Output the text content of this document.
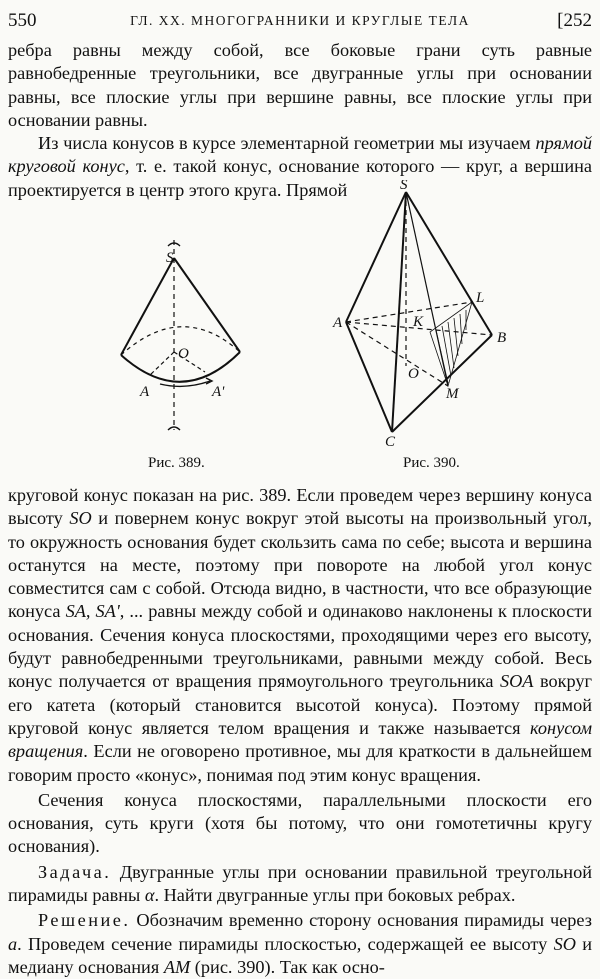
550	ГЛ. XX. МНОГОГРАННИКИ И КРУГЛЫЕ ТЕЛА	[252

ребра равны между собой, все боковые грани суть равные равнобедренные треугольники, все двугранные углы при основании равны, все плоские углы при вершине равны, все плоские углы при основании равны.

Из числа конусов в курсе элементарной геометрии мы изучаем прямой круговой конус, т. е. такой конус, основание которого — круг, а вершина проектируется в центр этого круга. Прямой

S
O
A	A'
Рис. 389.
S
A
B
C
K
L
O
M
Рис. 390.

круговой конус показан на рис. 389. Если проведем через вершину конуса высоту SO и повернем конус вокруг этой высоты на произвольный угол, то окружность основания будет скользить сама по себе; высота и вершина останутся на месте, поэтому при повороте на любой угол конус совместится сам с собой. Отсюда видно, в частности, что все образующие конуса SA, SA', ... равны между собой и одинаково наклонены к плоскости основания. Сечения конуса плоскостями, проходящими через его высоту, будут равнобедренными треугольниками, равными между собой. Весь конус получается от вращения прямоугольного треугольника SOA вокруг его катета (который становится высотой конуса). Поэтому прямой круговой конус является телом вращения и также называется конусом вращения. Если не оговорено противное, мы для краткости в дальнейшем говорим просто «конус», понимая под этим конус вращения.

Сечения конуса плоскостями, параллельными плоскости его основания, суть круги (хотя бы потому, что они гомотетичны кругу основания).

Задача. Двугранные углы при основании правильной треугольной пирамиды равны α. Найти двугранные углы при боковых ребрах.

Решение. Обозначим временно сторону основания пирамиды через a. Проведем сечение пирамиды плоскостью, содержащей ее высоту SO и медиану основания AM (рис. 390). Так как осно-
